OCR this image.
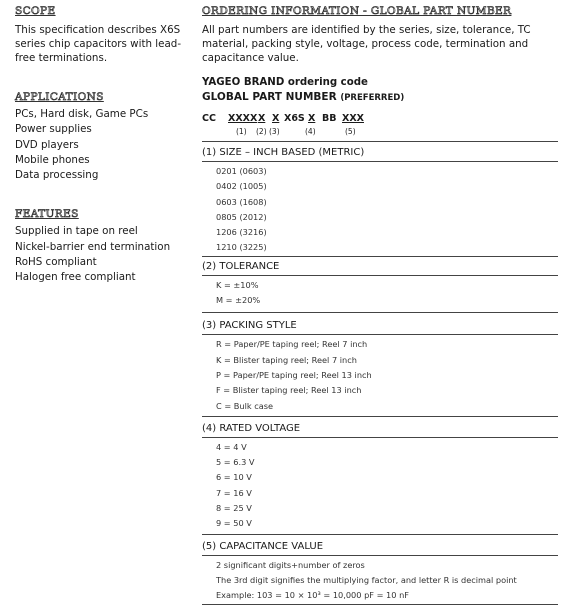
SCOPE

This specification describes X6S series chip capacitors with lead-free terminations.

APPLICATIONS
PCs, Hard disk, Game PCs
Power supplies
DVD players
Mobile phones
Data processing
FEATURES
Supplied in tape on reel
Nickel-barrier end termination
RoHS compliant
Halogen free compliant
ORDERING INFORMATION - GLOBAL PART NUMBER

All part numbers are identified by the series, size, tolerance, TC material, packing style, voltage, process code, termination and capacitance value.

YAGEO BRAND ordering code
GLOBAL PART NUMBER (PREFERRED)
CC XXXX X X X6S X BB XXX
(1) (2) (3)	(4)	(5)
(1) SIZE – INCH BASED (METRIC)
0201 (0603)
0402 (1005)
0603 (1608)
0805 (2012)
1206 (3216)
1210 (3225)
(2) TOLERANCE
K = ±10%
M = ±20%
(3) PACKING STYLE
R = Paper/PE taping reel; Reel 7 inch
K = Blister taping reel; Reel 7 inch
P = Paper/PE taping reel; Reel 13 inch
F = Blister taping reel; Reel 13 inch
C = Bulk case
(4) RATED VOLTAGE
4 = 4 V
5 = 6.3 V
6 = 10 V
7 = 16 V
8 = 25 V
9 = 50 V
(5) CAPACITANCE VALUE
2 significant digits+number of zeros
The 3rd digit signifies the multiplying factor, and letter R is decimal point
Example: 103 = 10 × 10³ = 10,000 pF = 10 nF
